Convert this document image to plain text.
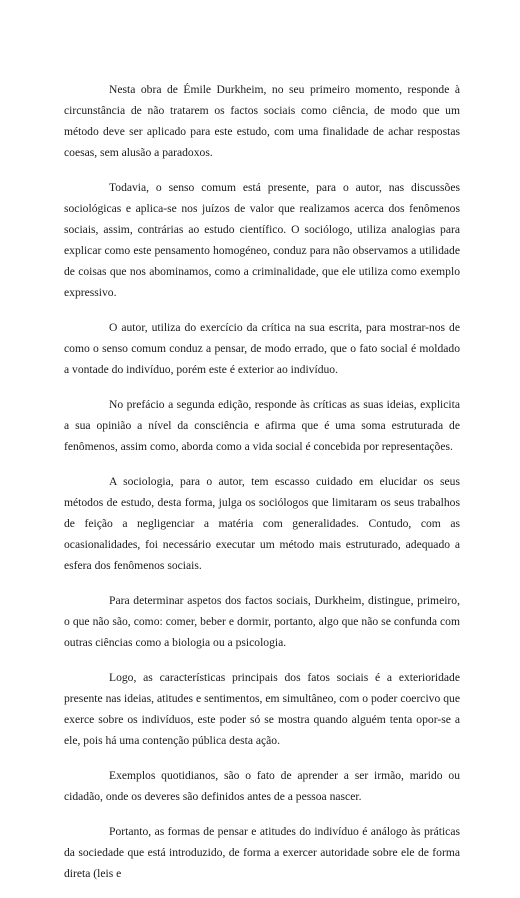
Nesta obra de Émile Durkheim, no seu primeiro momento, responde à circunstância de não tratarem os factos sociais como ciência, de modo que um método deve ser aplicado para este estudo, com uma finalidade de achar respostas coesas, sem alusão a paradoxos.

Todavia, o senso comum está presente, para o autor, nas discussões sociológicas e aplica-se nos juízos de valor que realizamos acerca dos fenômenos sociais, assim, contrárias ao estudo científico. O sociólogo, utiliza analogias para explicar como este pensamento homogéneo, conduz para não observamos a utilidade de coisas que nos abominamos, como a criminalidade, que ele utiliza como exemplo expressivo.

O autor, utiliza do exercício da crítica na sua escrita, para mostrar-nos de como o senso comum conduz a pensar, de modo errado, que o fato social é moldado a vontade do indivíduo, porém este é exterior ao indivíduo.

No prefácio a segunda edição, responde às críticas as suas ideias, explicita a sua opinião a nível da consciência e afirma que é uma soma estruturada de fenômenos, assim como, aborda como a vida social é concebida por representações.

A sociologia, para o autor, tem escasso cuidado em elucidar os seus métodos de estudo, desta forma, julga os sociólogos que limitaram os seus trabalhos de feição a negligenciar a matéria com generalidades. Contudo, com as ocasionalidades, foi necessário executar um método mais estruturado, adequado a esfera dos fenômenos sociais.

Para determinar aspetos dos factos sociais, Durkheim, distingue, primeiro, o que não são, como: comer, beber e dormir, portanto, algo que não se confunda com outras ciências como a biologia ou a psicologia.

Logo, as características principais dos fatos sociais é a exterioridade presente nas ideias, atitudes e sentimentos, em simultâneo, com o poder coercivo que exerce sobre os indivíduos, este poder só se mostra quando alguém tenta opor-se a ele, pois há uma contenção pública desta ação.

Exemplos quotidianos, são o fato de aprender a ser irmão, marido ou cidadão, onde os deveres são definidos antes de a pessoa nascer.

Portanto, as formas de pensar e atitudes do indivíduo é análogo às práticas da sociedade que está introduzido, de forma a exercer autoridade sobre ele de forma direta (leis e
